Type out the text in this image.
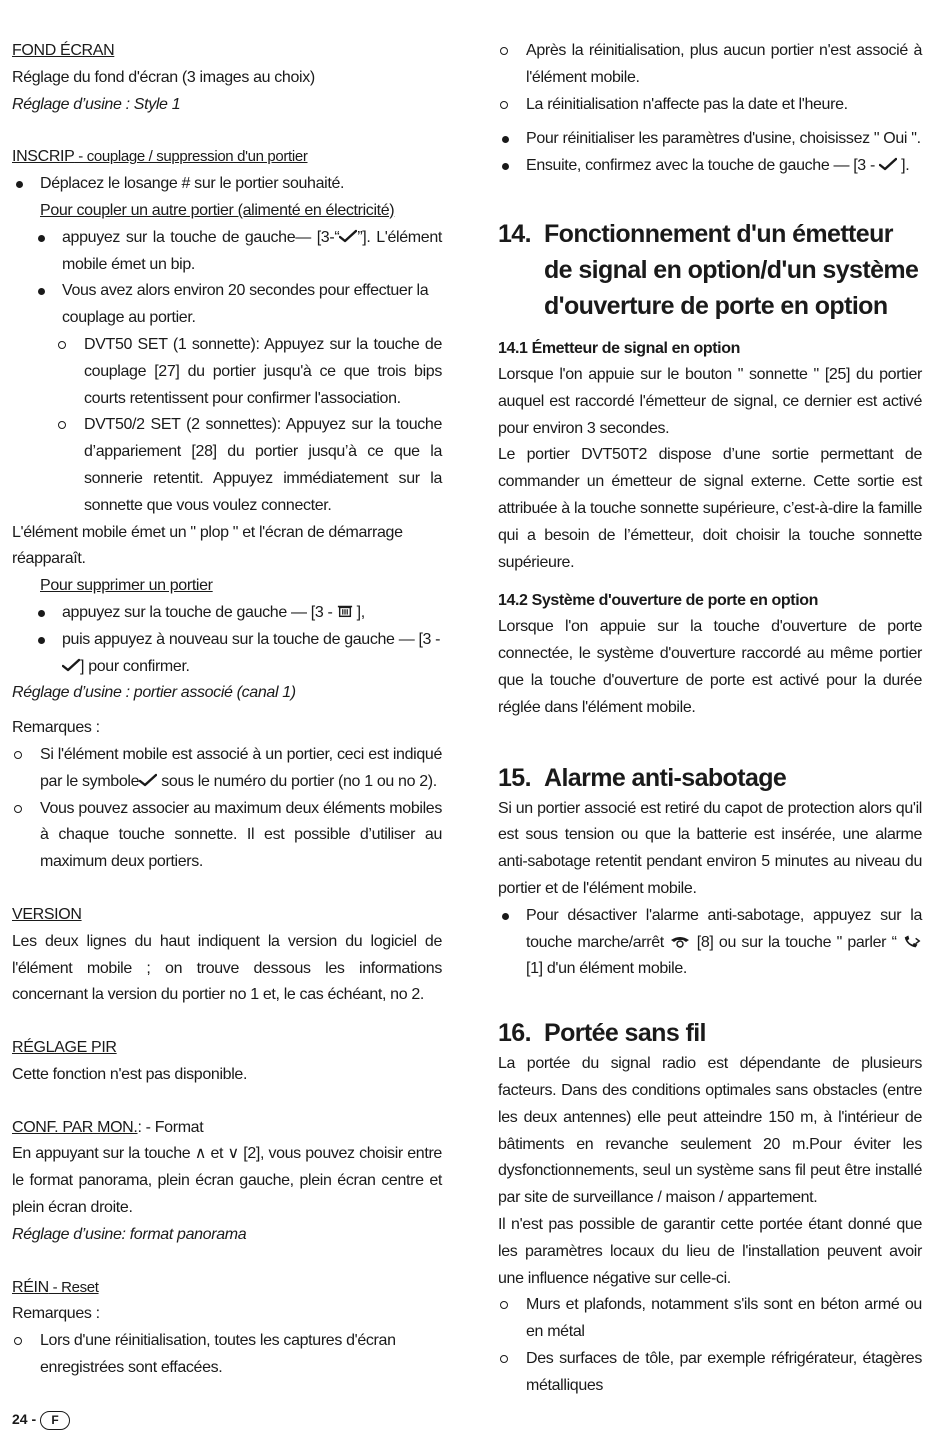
FOND ÉCRAN

Réglage du fond d'écran (3 images au choix)

Réglage d’usine : Style 1

INSCRIP - couplage / suppression d'un portier

Déplacez le losange # sur le portier souhaité.

Pour coupler un autre portier (alimenté en électricité)

appuyez sur la touche de gauche— [3-“ ”]. L'élément mobile émet un bip.

Vous avez alors environ 20 secondes pour effectuer la couplage au portier.

DVT50 SET (1 sonnette): Appuyez sur la touche de couplage [27] du portier jusqu'à ce que trois bips courts retentissent pour confirmer l'association.

DVT50/2 SET (2 sonnettes): Appuyez sur la touche d’appariement [28] du portier jusqu’à ce que la sonnerie retentit. Appuyez immédiatement sur la sonnette que vous voulez connecter.

L'élément mobile émet un " plop " et l'écran de démarrage réapparaît.

Pour supprimer un portier

appuyez sur la touche de gauche — [3 -  ],

puis appuyez à nouveau sur la touche de gauche — [3 -
] pour confirmer.

Réglage d’usine : portier associé (canal 1)

Remarques :

Si l'élément mobile est associé à un portier, ceci est indiqué par le symbole sous le numéro du portier (no 1 ou no 2).

Vous pouvez associer au maximum deux éléments mobiles à chaque touche sonnette. Il est possible d’utiliser au maximum deux portiers.

VERSION

Les deux lignes du haut indiquent la version du logiciel de l'élément mobile ; on trouve dessous les informations concernant la version du portier no 1 et, le cas échéant, no 2.

RÉGLAGE PIR

Cette fonction n'est pas disponible.

CONF. PAR MON.: - Format

En appuyant sur la touche ∧ et ∨ [2], vous pouvez choisir entre le format panorama, plein écran gauche, plein écran centre et plein écran droite.

Réglage d’usine: format panorama

RÉIN - Reset

Remarques :

Lors d'une réinitialisation, toutes les captures d'écran enregistrées sont effacées.

Après la réinitialisation, plus aucun portier n'est associé à l'élément mobile.

La réinitialisation n'affecte pas la date et l'heure.

Pour réinitialiser les paramètres d'usine, choisissez " Oui ".

Ensuite, confirmez avec la touche de gauche — [3 -  ].

14. Fonctionnement d'un émetteur de signal en option/d'un système d'ouverture de porte en option

14.1 Émetteur de signal en option

Lorsque l'on appuie sur le bouton " sonnette " [25] du portier auquel est raccordé l'émetteur de signal, ce dernier est activé pour environ 3 secondes.

Le portier DVT50T2 dispose d’une sortie permettant de commander un émetteur de signal externe. Cette sortie est attribuée à la touche sonnette supérieure, c’est-à-dire la famille qui a besoin de l’émetteur, doit choisir la touche sonnette supérieure.

14.2 Système d'ouverture de porte en option

Lorsque l'on appuie sur la touche d'ouverture de porte connectée, le système d'ouverture raccordé au même portier que la touche d'ouverture de porte est activé pour la durée réglée dans l'élément mobile.

15. Alarme anti-sabotage

Si un portier associé est retiré du capot de protection alors qu'il est sous tension ou que la batterie est insérée, une alarme anti-sabotage retentit pendant environ 5 minutes au niveau du portier et de l'élément mobile.

Pour désactiver l'alarme anti-sabotage, appuyez sur la touche marche/arrêt  [8] ou sur la touche " parler “  [1] d'un élément mobile.

16. Portée sans fil

La portée du signal radio est dépendante de plusieurs facteurs. Dans des conditions optimales sans obstacles (entre les deux antennes) elle peut atteindre 150 m, à l'intérieur de bâtiments en revanche seulement 20 m.Pour éviter les dysfonctionnements, seul un système sans fil peut être installé par site de surveillance / maison / appartement.

Il n'est pas possible de garantir cette portée étant donné que les paramètres locaux du lieu de l'installation peuvent avoir une influence négative sur celle-ci.

Murs et plafonds, notamment s'ils sont en béton armé ou en métal

Des surfaces de tôle, par exemple réfrigérateur, étagères métalliques

24 - F
